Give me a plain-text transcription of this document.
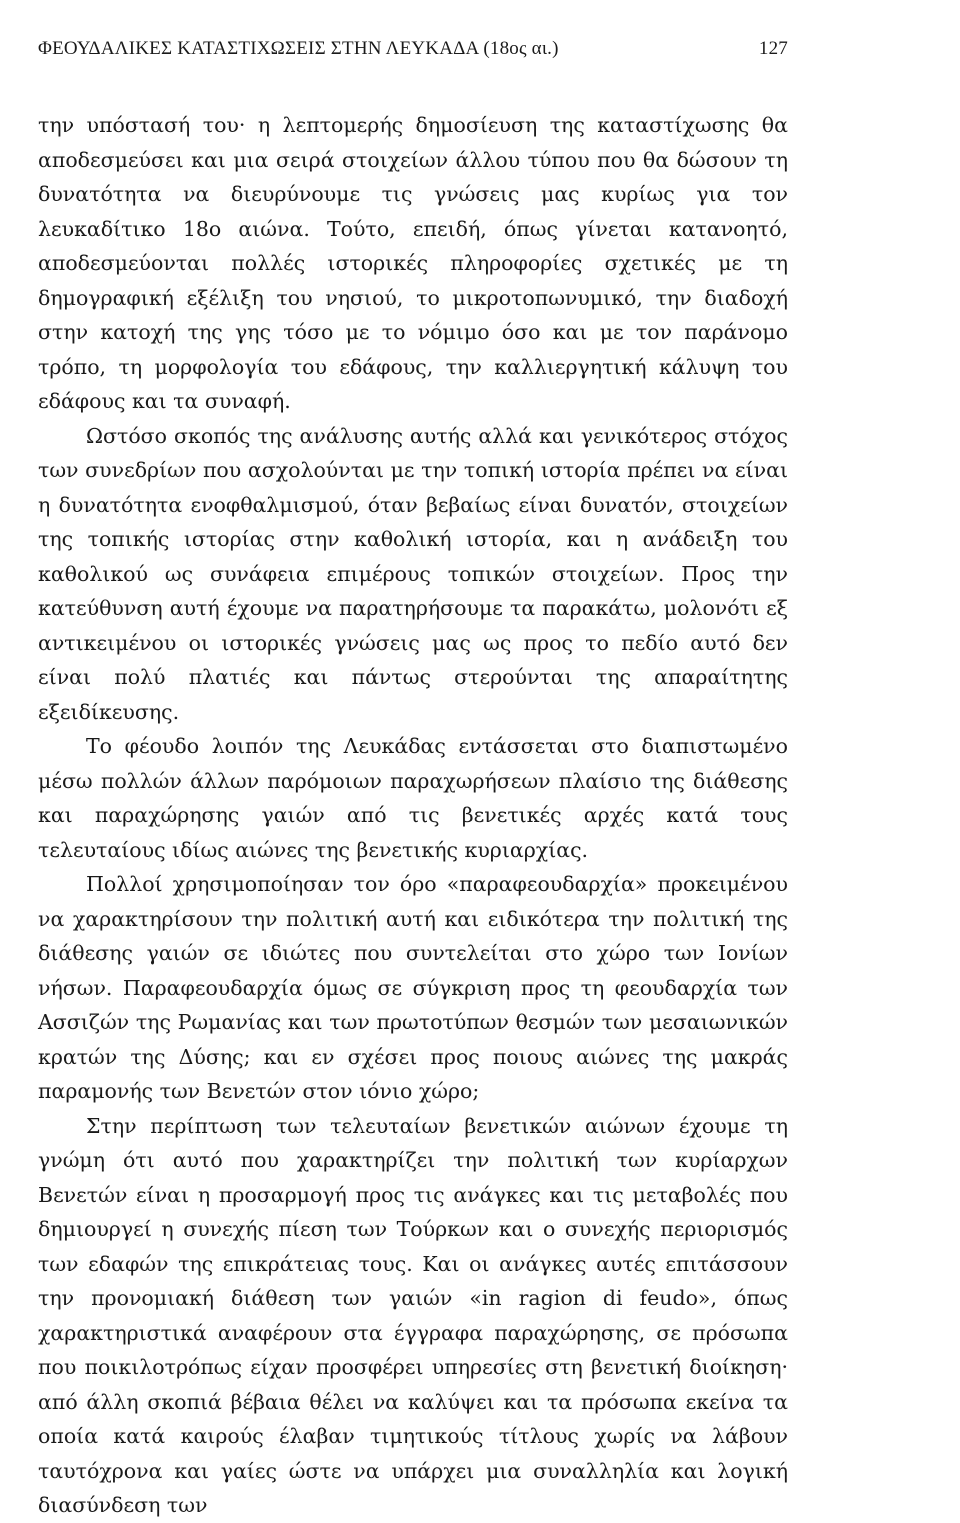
ΦΕΟΥΔΑΛΙΚΕΣ ΚΑΤΑΣΤΙΧΩΣΕΙΣ ΣΤΗΝ ΛΕΥΚΑΔΑ (18ος αι.)	127

την υπόστασή του· η λεπτομερής δημοσίευση της καταστίχωσης θα αποδεσμεύσει και μια σειρά στοιχείων άλλου τύπου που θα δώσουν τη δυνατότητα να διευρύνουμε τις γνώσεις μας κυρίως για τον λευκαδίτικο 18ο αιώνα. Τούτο, επειδή, όπως γίνεται κατανοητό, αποδεσμεύονται πολλές ιστορικές πληροφορίες σχετικές με τη δημογραφική εξέλιξη του νησιού, το μικροτοπωνυμικό, την διαδοχή στην κατοχή της γης τόσο με το νόμιμο όσο και με τον παράνομο τρόπο, τη μορφολογία του εδάφους, την καλλιεργητική κάλυψη του εδάφους και τα συναφή.

Ωστόσο σκοπός της ανάλυσης αυτής αλλά και γενικότερος στόχος των συνεδρίων που ασχολούνται με την τοπική ιστορία πρέπει να είναι η δυνατότητα ενοφθαλμισμού, όταν βεβαίως είναι δυνατόν, στοιχείων της τοπικής ιστορίας στην καθολική ιστορία, και η ανάδειξη του καθολικού ως συνάφεια επιμέρους τοπικών στοιχείων. Προς την κατεύθυνση αυτή έχουμε να παρατηρήσουμε τα παρακάτω, μολονότι εξ αντικειμένου οι ιστορικές γνώσεις μας ως προς το πεδίο αυτό δεν είναι πολύ πλατιές και πάντως στερούνται της απαραίτητης εξειδίκευσης.

Το φέουδο λοιπόν της Λευκάδας εντάσσεται στο διαπιστωμένο μέσω πολλών άλλων παρόμοιων παραχωρήσεων πλαίσιο της διάθεσης και παραχώρησης γαιών από τις βενετικές αρχές κατά τους τελευταίους ιδίως αιώνες της βενετικής κυριαρχίας.

Πολλοί χρησιμοποίησαν τον όρο «παραφεουδαρχία» προκειμένου να χαρακτηρίσουν την πολιτική αυτή και ειδικότερα την πολιτική της διάθεσης γαιών σε ιδιώτες που συντελείται στο χώρο των Ιονίων νήσων. Παραφεουδαρχία όμως σε σύγκριση προς τη φεουδαρχία των Ασσιζών της Ρωμανίας και των πρωτοτύπων θεσμών των μεσαιωνικών κρατών της Δύσης; και εν σχέσει προς ποιους αιώνες της μακράς παραμονής των Βενετών στον ιόνιο χώρο;

Στην περίπτωση των τελευταίων βενετικών αιώνων έχουμε τη γνώμη ότι αυτό που χαρακτηρίζει την πολιτική των κυρίαρχων Βενετών είναι η προσαρμογή προς τις ανάγκες και τις μεταβολές που δημιουργεί η συνεχής πίεση των Τούρκων και ο συνεχής περιορισμός των εδαφών της επικράτειας τους. Και οι ανάγκες αυτές επιτάσσουν την προνομιακή διάθεση των γαιών «in ragion di feudo», όπως χαρακτηριστικά αναφέρουν στα έγγραφα παραχώρησης, σε πρόσωπα που ποικιλοτρόπως είχαν προσφέρει υπηρεσίες στη βενετική διοίκηση· από άλλη σκοπιά βέβαια θέλει να καλύψει και τα πρόσωπα εκείνα τα οποία κατά καιρούς έλαβαν τιμητικούς τίτλους χωρίς να λάβουν ταυτόχρονα και γαίες ώστε να υπάρχει μια συναλληλία και λογική διασύνδεση των
